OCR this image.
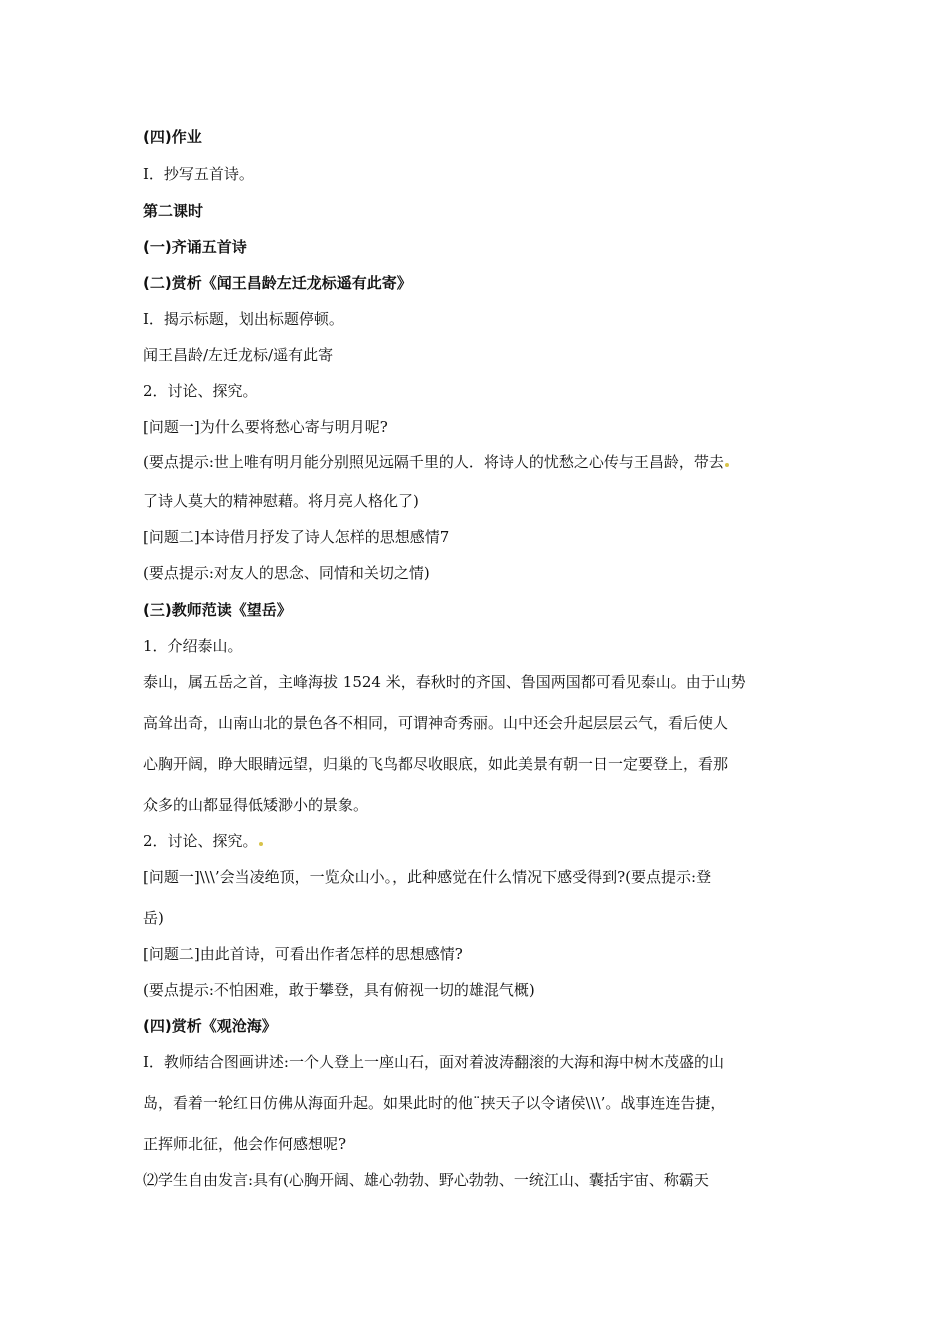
(四)作业
I．抄写五首诗。
第二课时
(一)齐诵五首诗
(二)赏析《闻王昌龄左迁龙标遥有此寄》
I．揭示标题，划出标题停顿。
闻王昌龄/左迁龙标/遥有此寄
2．讨论、探究。
[问题一]为什么要将愁心寄与明月呢?
(要点提示:世上唯有明月能分别照见远隔千里的人．将诗人的忧愁之心传与王昌龄，带去
了诗人莫大的精神慰藉。将月亮人格化了)
[问题二]本诗借月抒发了诗人怎样的思想感情7
(要点提示:对友人的思念、同情和关切之情)
(三)教师范读《望岳》
1．介绍泰山。
泰山，属五岳之首，主峰海拔 1524 米，春秋时的齐国、鲁国两国都可看见泰山。由于山势
高耸出奇，山南山北的景色各不相同，可谓神奇秀丽。山中还会升起层层云气，看后使人
心胸开阔，睁大眼睛远望，归巢的飞鸟都尽收眼底，如此美景有朝一日一定要登上，看那
众多的山都显得低矮渺小的景象。
2．讨论、探究。
[问题一]\\\’会当凌绝顶，一览众山小。，此种感觉在什么情况下感受得到?(要点提示:登
岳)
[问题二]由此首诗，可看出作者怎样的思想感情?
(要点提示:不怕困难，敢于攀登，具有俯视一切的雄混气概)
(四)赏析《观沧海》
I．教师结合图画讲述:一个人登上一座山石，面对着波涛翻滚的大海和海中树木茂盛的山
岛，看着一轮红日仿佛从海面升起。如果此时的他¨挟天子以令诸侯\\\’。战事连连告捷，
正挥师北征，他会作何感想呢?
⑵学生自由发言:具有(心胸开阔、雄心勃勃、野心勃勃、一统江山、囊括宇宙、称霸天
